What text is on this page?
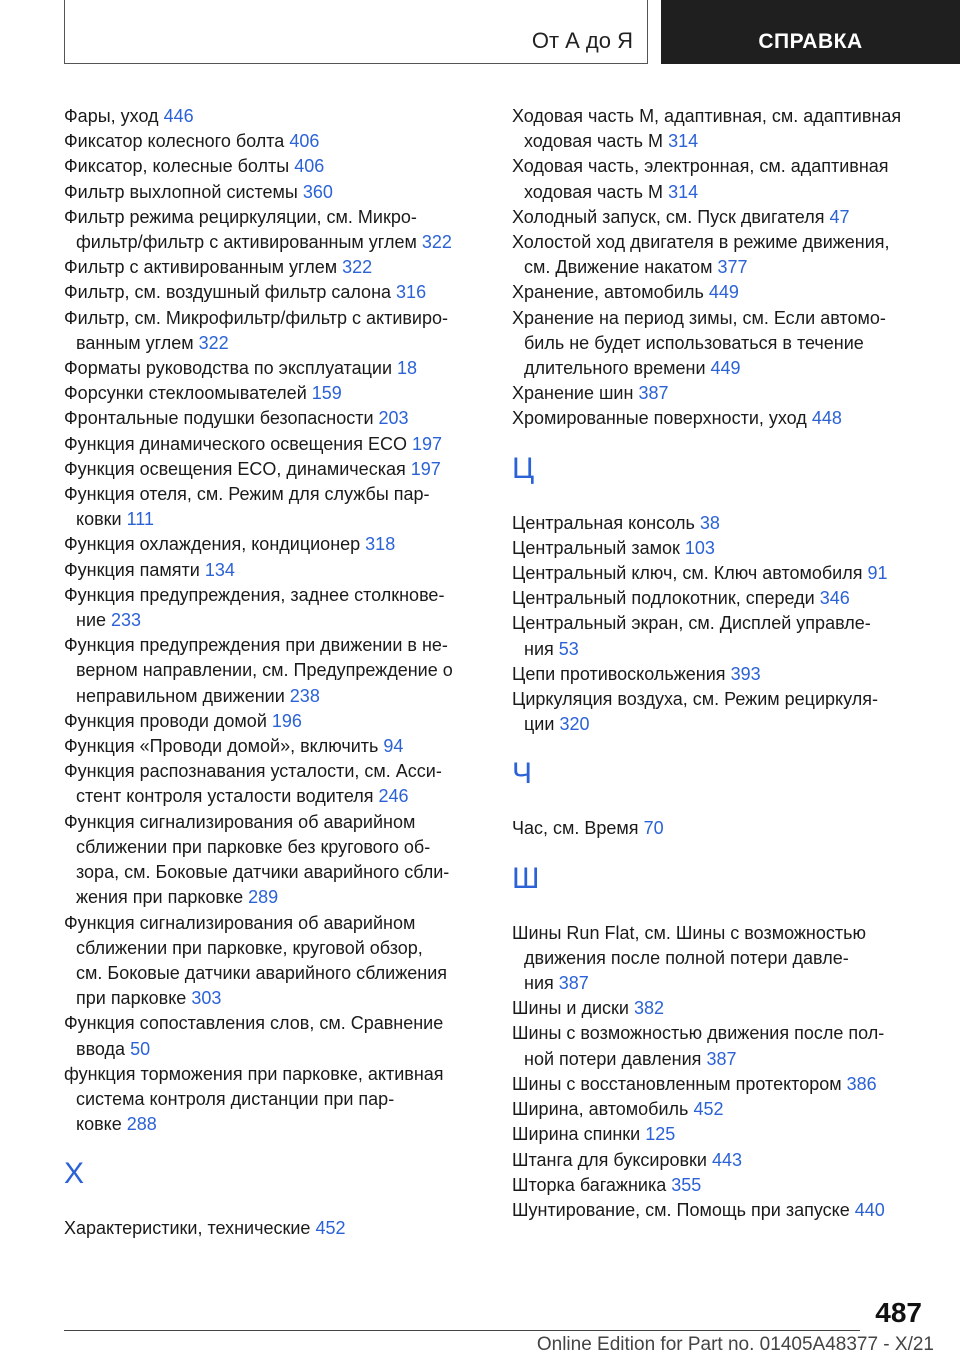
От А до Я	СПРАВКА
Фары, уход 446
Фиксатор колесного болта 406
Фиксатор, колесные болты 406
Фильтр выхлопной системы 360
Фильтр режима рециркуляции, см. Микро-
фильтр/фильтр с активированным углем 322
Фильтр с активированным углем 322
Фильтр, см. воздушный фильтр салона 316
Фильтр, см. Микрофильтр/фильтр с активиро-
ванным углем 322
Форматы руководства по эксплуатации 18
Форсунки стеклоомывателей 159
Фронтальные подушки безопасности 203
Функция динамического освещения ECO 197
Функция освещения ECO, динамическая 197
Функция отеля, см. Режим для службы пар-
ковки 111
Функция охлаждения, кондиционер 318
Функция памяти 134
Функция предупреждения, заднее столкнове-
ние 233
Функция предупреждения при движении в не-
верном направлении, см. Предупреждение о
неправильном движении 238
Функция проводи домой 196
Функция «Проводи домой», включить 94
Функция распознавания усталости, см. Асси-
стент контроля усталости водителя 246
Функция сигнализирования об аварийном
сближении при парковке без кругового об-
зора, см. Боковые датчики аварийного сбли-
жения при парковке 289
Функция сигнализирования об аварийном
сближении при парковке, круговой обзор,
см. Боковые датчики аварийного сближения
при парковке 303
Функция сопоставления слов, см. Сравнение
ввода 50
функция торможения при парковке, активная
система контроля дистанции при пар-
ковке 288
Х
Характеристики, технические 452
Ходовая часть M, адаптивная, см. адаптивная
ходовая часть M 314
Ходовая часть, электронная, см. адаптивная
ходовая часть M 314
Холодный запуск, см. Пуск двигателя 47
Холостой ход двигателя в режиме движения,
см. Движение накатом 377
Хранение, автомобиль 449
Хранение на период зимы, см. Если автомо-
биль не будет использоваться в течение
длительного времени 449
Хранение шин 387
Хромированные поверхности, уход 448
Ц
Центральная консоль 38
Центральный замок 103
Центральный ключ, см. Ключ автомобиля 91
Центральный подлокотник, спереди 346
Центральный экран, см. Дисплей управле-
ния 53
Цепи противоскольжения 393
Циркуляция воздуха, см. Режим рециркуля-
ции 320
Ч
Час, см. Время 70
Ш
Шины Run Flat, см. Шины с возможностью
движения после полной потери давле-
ния 387
Шины и диски 382
Шины с возможностью движения после пол-
ной потери давления 387
Шины с восстановленным протектором 386
Ширина, автомобиль 452
Ширина спинки 125
Штанга для буксировки 443
Шторка багажника 355
Шунтирование, см. Помощь при запуске 440
487
Online Edition for Part no. 01405A48377 - X/21
